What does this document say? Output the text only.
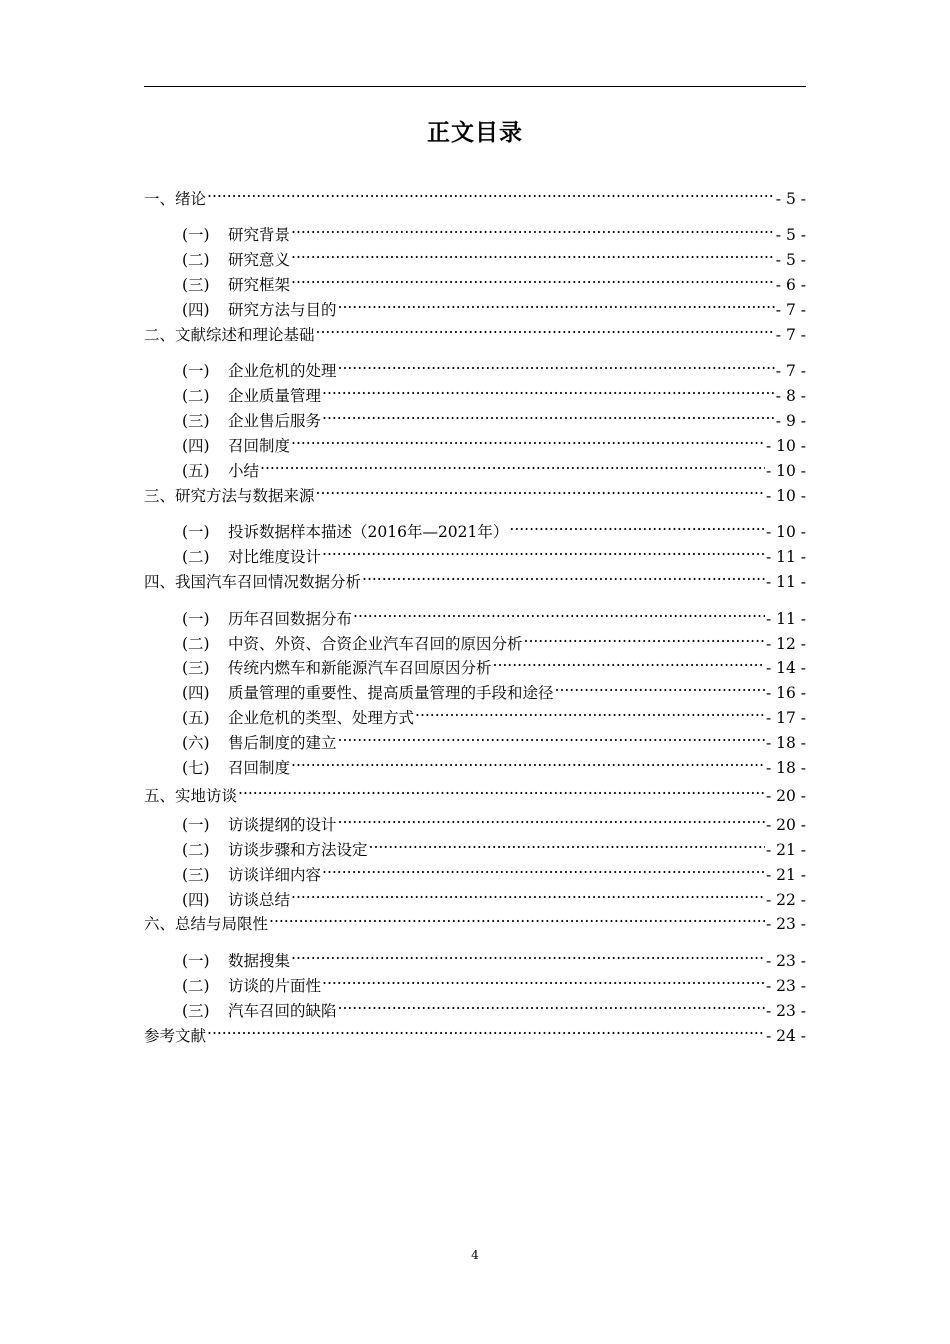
正文目录
一、绪论 .....	- 5 -
(一)	研究背景 .....	- 5 -
(二)	研究意义 .....	- 5 -
(三)	研究框架 .....	- 6 -
(四)	研究方法与目的 .....	- 7 -
二、文献综述和理论基础 .....	- 7 -
(一)	企业危机的处理 .....	- 7 -
(二)	企业质量管理 .....	- 8 -
(三)	企业售后服务 .....	- 9 -
(四)	召回制度 .....	- 10 -
(五)	小结 .....	- 10 -
三、研究方法与数据来源 .....	- 10 -
(一)	投诉数据样本描述（2016年—2021年） .....	- 10 -
(二)	对比维度设计 .....	- 11 -
四、我国汽车召回情况数据分析 .....	- 11 -
(一)	历年召回数据分布 .....	- 11 -
(二)	中资、外资、合资企业汽车召回的原因分析 .....	- 12 -
(三)	传统内燃车和新能源汽车召回原因分析 .....	- 14 -
(四)	质量管理的重要性、提高质量管理的手段和途径 .....	- 16 -
(五)	企业危机的类型、处理方式 .....	- 17 -
(六)	售后制度的建立 .....	- 18 -
(七)	召回制度 .....	- 18 -
五、实地访谈 .....	- 20 -
(一)	访谈提纲的设计 .....	- 20 -
(二)	访谈步骤和方法设定 .....	- 21 -
(三)	访谈详细内容 .....	- 21 -
(四)	访谈总结 .....	- 22 -
六、总结与局限性 .....	- 23 -
(一)	数据搜集 .....	- 23 -
(二)	访谈的片面性 .....	- 23 -
(三)	汽车召回的缺陷 .....	- 23 -
参考文献 .....	- 24 -
4
